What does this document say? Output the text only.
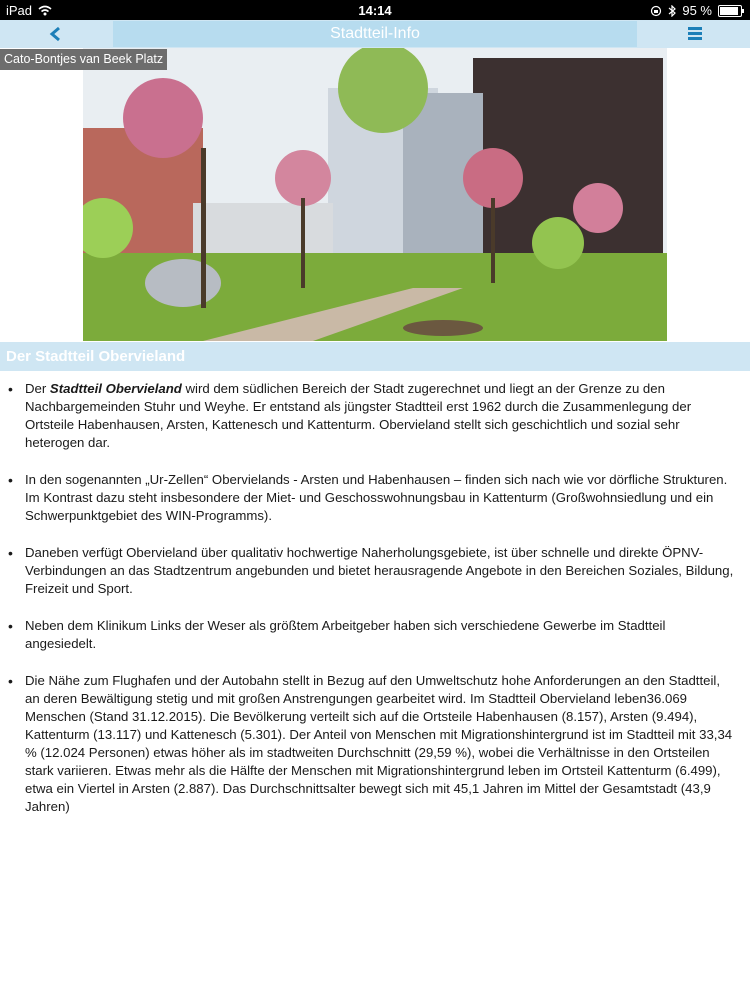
iPad	14:14	95 %
Stadtteil-Info
Cato-Bontjes van Beek Platz
Der Stadtteil Obervieland
• Der Stadtteil Obervieland wird dem südlichen Bereich der Stadt zugerechnet und liegt an der Grenze zu den Nachbargemeinden Stuhr und Weyhe. Er entstand als jüngster Stadtteil erst 1962 durch die Zusammenlegung der Ortsteile Habenhausen, Arsten, Kattenesch und Kattenturm. Obervieland stellt sich geschichtlich und sozial sehr heterogen dar.
• In den sogenannten „Ur-Zellen“ Obervielands - Arsten und Habenhausen – finden sich nach wie vor dörfliche Strukturen. Im Kontrast dazu steht insbesondere der Miet- und Geschosswohnungsbau in Kattenturm (Großwohnsiedlung und ein Schwerpunktgebiet des WIN-Programms).
• Daneben verfügt Obervieland über qualitativ hochwertige Naherholungsgebiete, ist über schnelle und direkte ÖPNV-Verbindungen an das Stadtzentrum angebunden und bietet herausragende Angebote in den Bereichen Soziales, Bildung, Freizeit und Sport.
• Neben dem Klinikum Links der Weser als größtem Arbeitgeber haben sich verschiedene Gewerbe im Stadtteil angesiedelt.
• Die Nähe zum Flughafen und der Autobahn stellt in Bezug auf den Umweltschutz hohe Anforderungen an den Stadtteil, an deren Bewältigung stetig und mit großen Anstrengungen gearbeitet wird. Im Stadtteil Obervieland leben36.069 Menschen (Stand 31.12.2015). Die Bevölkerung verteilt sich auf die Ortsteile Habenhausen (8.157), Arsten (9.494), Kattenturm (13.117) und Kattenesch (5.301). Der Anteil von Menschen mit Migrationshintergrund ist im Stadtteil mit 33,34 % (12.024 Personen) etwas höher als im stadtweiten Durchschnitt (29,59 %), wobei die Verhältnisse in den Ortsteilen stark variieren. Etwas mehr als die Hälfte der Menschen mit Migrationshintergrund leben im Ortsteil Kattenturm (6.499), etwa ein Viertel in Arsten (2.887). Das Durchschnittsalter bewegt sich mit 45,1 Jahren im Mittel der Gesamtstadt (43,9 Jahren)
